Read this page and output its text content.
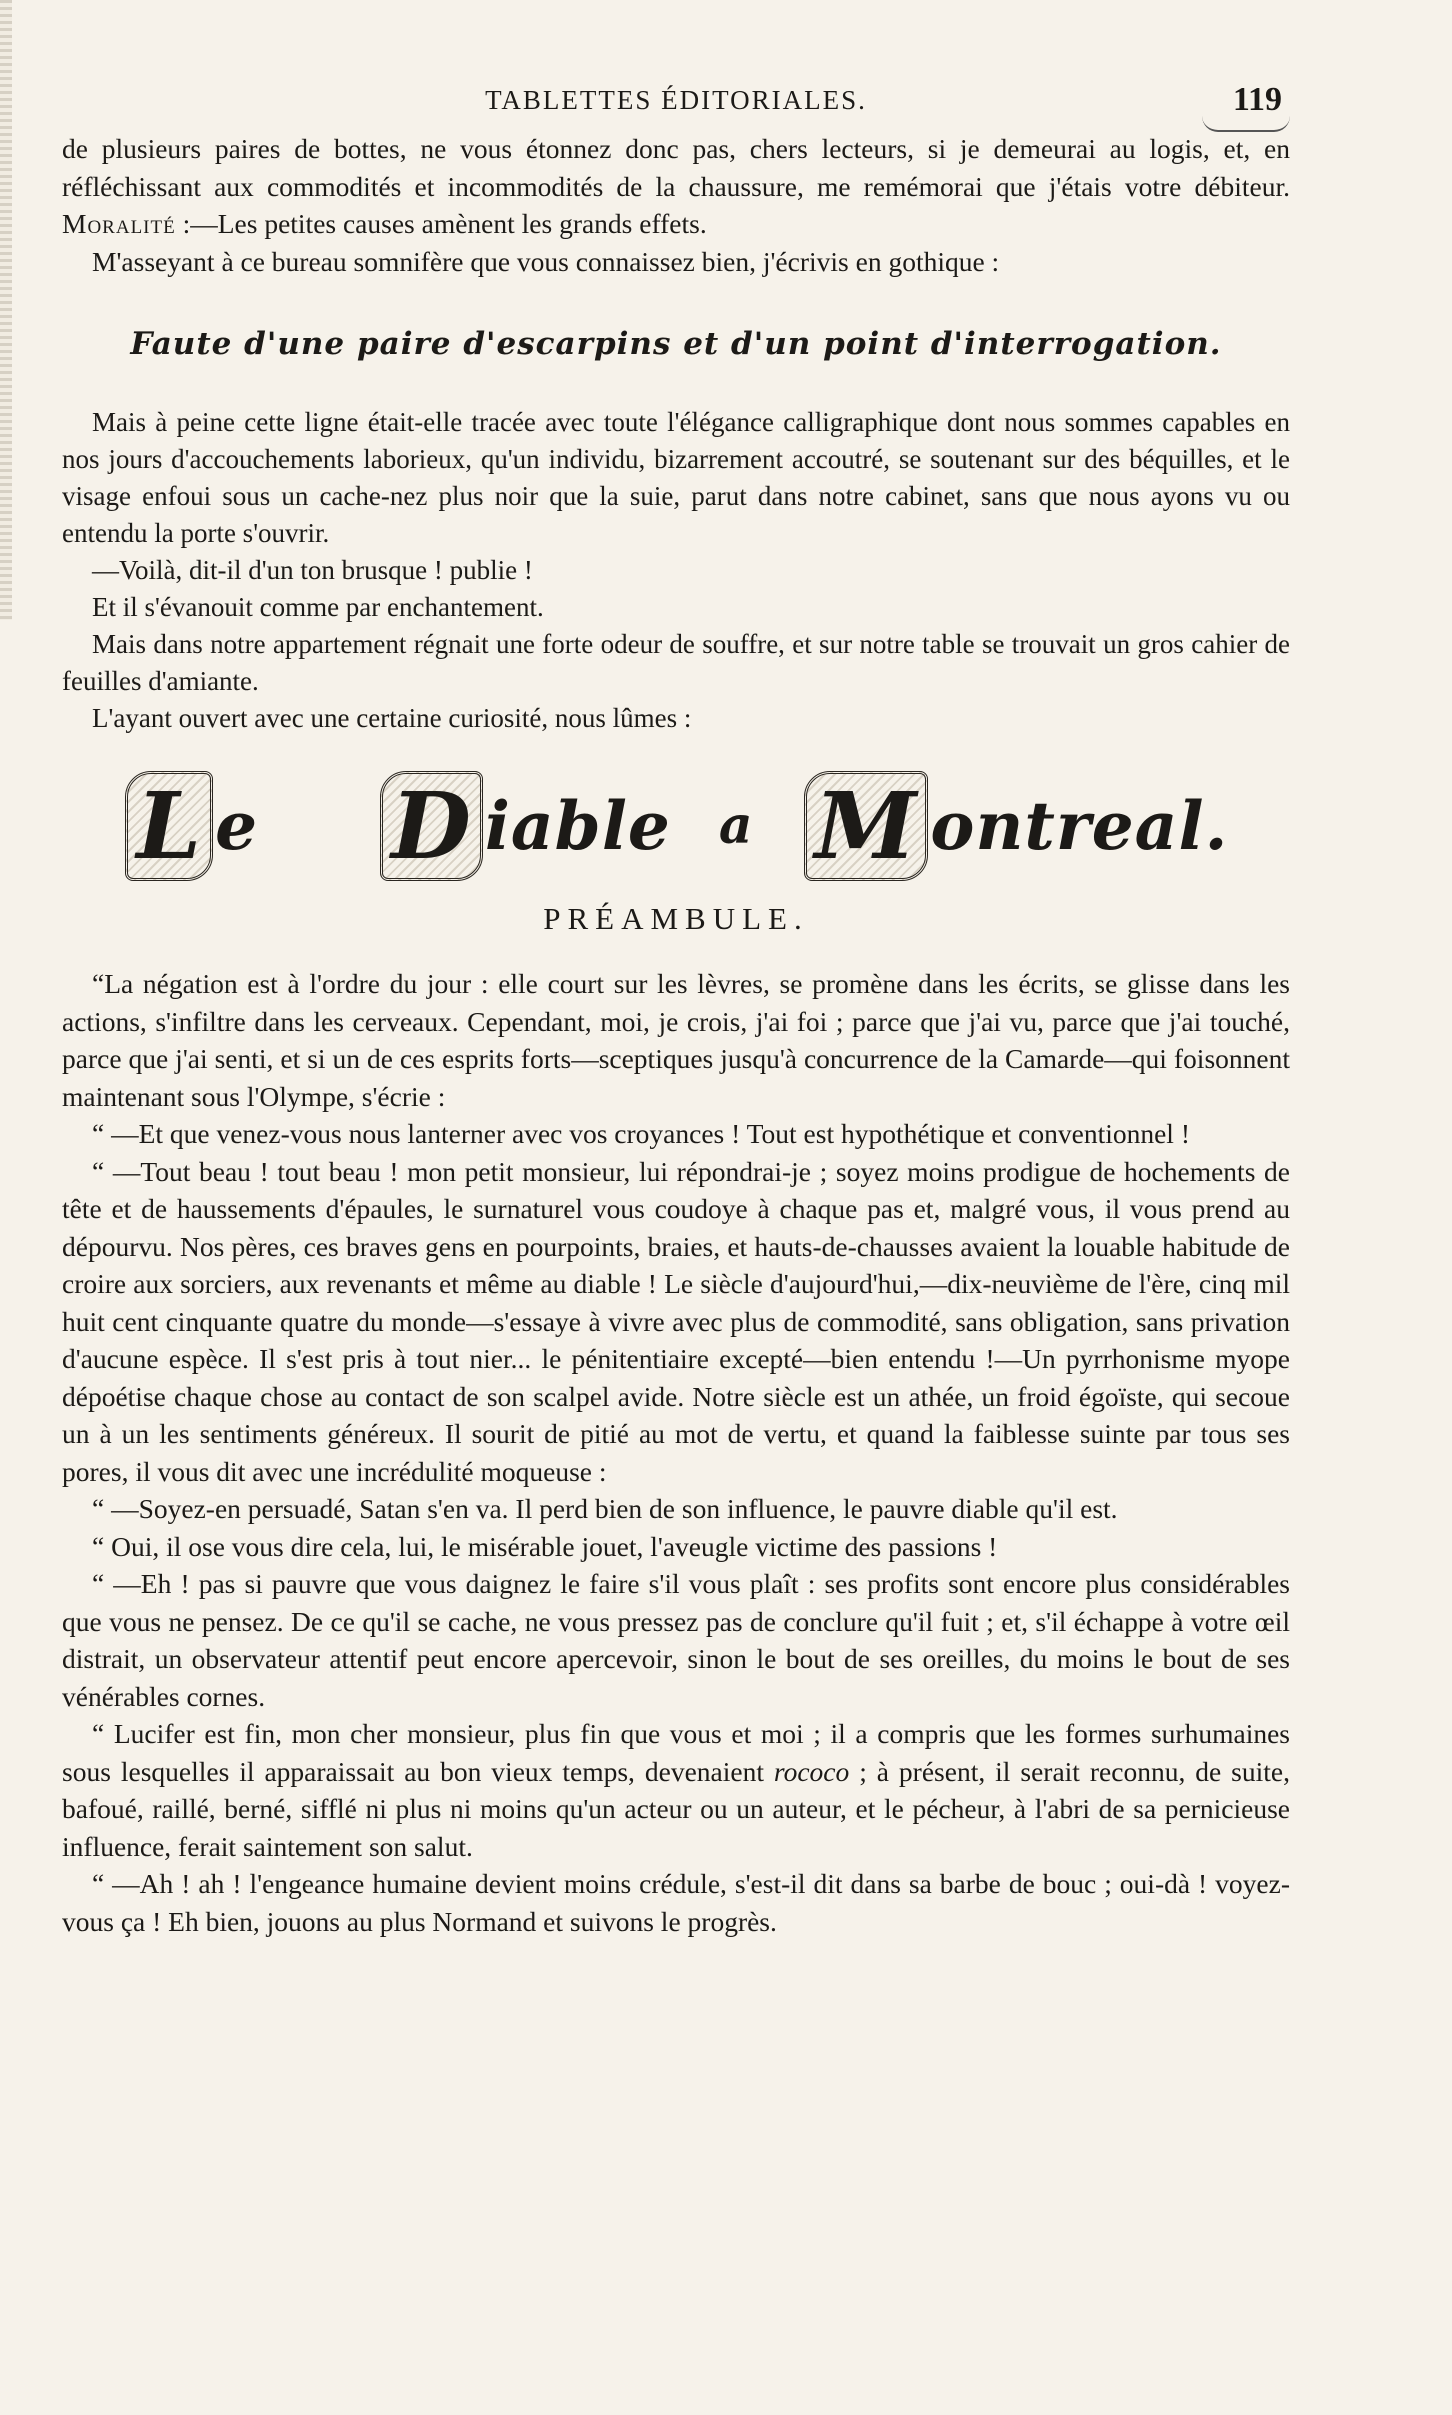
TABLETTES ÉDITORIALES.	119

de plusieurs paires de bottes, ne vous étonnez donc pas, chers lecteurs, si je demeurai au logis, et, en réfléchissant aux commodités et incommodités de la chaussure, me remémorai que j'étais votre débiteur. Moralité :—Les petites causes amènent les grands effets.

M'asseyant à ce bureau somnifère que vous connaissez bien, j'écrivis en gothique :

Faute d'une paire d'escarpins et d'un point d'interrogation.

Mais à peine cette ligne était-elle tracée avec toute l'élégance calligraphique dont nous sommes capables en nos jours d'accouchements laborieux, qu'un individu, bizarrement accoutré, se soutenant sur des béquilles, et le visage enfoui sous un cache-nez plus noir que la suie, parut dans notre cabinet, sans que nous ayons vu ou entendu la porte s'ouvrir.

—Voilà, dit-il d'un ton brusque ! publie !

Et il s'évanouit comme par enchantement.

Mais dans notre appartement régnait une forte odeur de souffre, et sur notre table se trouvait un gros cahier de feuilles d'amiante.

L'ayant ouvert avec une certaine curiosité, nous lûmes :

L e D iable a M ontreal.
PRÉAMBULE.

“La négation est à l'ordre du jour : elle court sur les lèvres, se promène dans les écrits, se glisse dans les actions, s'infiltre dans les cerveaux. Cependant, moi, je crois, j'ai foi ; parce que j'ai vu, parce que j'ai touché, parce que j'ai senti, et si un de ces esprits forts—sceptiques jusqu'à concurrence de la Camarde—qui foisonnent maintenant sous l'Olympe, s'écrie :

“ —Et que venez-vous nous lanterner avec vos croyances ! Tout est hypothétique et conventionnel !

“ —Tout beau ! tout beau ! mon petit monsieur, lui répondrai-je ; soyez moins prodigue de hochements de tête et de haussements d'épaules, le surnaturel vous coudoye à chaque pas et, malgré vous, il vous prend au dépourvu. Nos pères, ces braves gens en pourpoints, braies, et hauts-de-chausses avaient la louable habitude de croire aux sorciers, aux revenants et même au diable ! Le siècle d'aujourd'hui,—dix-neuvième de l'ère, cinq mil huit cent cinquante quatre du monde—s'essaye à vivre avec plus de commodité, sans obligation, sans privation d'aucune espèce. Il s'est pris à tout nier... le pénitentiaire excepté—bien entendu !—Un pyrrhonisme myope dépoétise chaque chose au contact de son scalpel avide. Notre siècle est un athée, un froid égoïste, qui secoue un à un les sentiments généreux. Il sourit de pitié au mot de vertu, et quand la faiblesse suinte par tous ses pores, il vous dit avec une incrédulité moqueuse :

“ —Soyez-en persuadé, Satan s'en va. Il perd bien de son influence, le pauvre diable qu'il est.

“ Oui, il ose vous dire cela, lui, le misérable jouet, l'aveugle victime des passions !

“ —Eh ! pas si pauvre que vous daignez le faire s'il vous plaît : ses profits sont encore plus considérables que vous ne pensez. De ce qu'il se cache, ne vous pressez pas de conclure qu'il fuit ; et, s'il échappe à votre œil distrait, un observateur attentif peut encore apercevoir, sinon le bout de ses oreilles, du moins le bout de ses vénérables cornes.

“ Lucifer est fin, mon cher monsieur, plus fin que vous et moi ; il a compris que les formes surhumaines sous lesquelles il apparaissait au bon vieux temps, devenaient rococo ; à présent, il serait reconnu, de suite, bafoué, raillé, berné, sifflé ni plus ni moins qu'un acteur ou un auteur, et le pécheur, à l'abri de sa pernicieuse influence, ferait saintement son salut.

“ —Ah ! ah ! l'engeance humaine devient moins crédule, s'est-il dit dans sa barbe de bouc ; oui-dà ! voyez-vous ça ! Eh bien, jouons au plus Normand et suivons le progrès.
